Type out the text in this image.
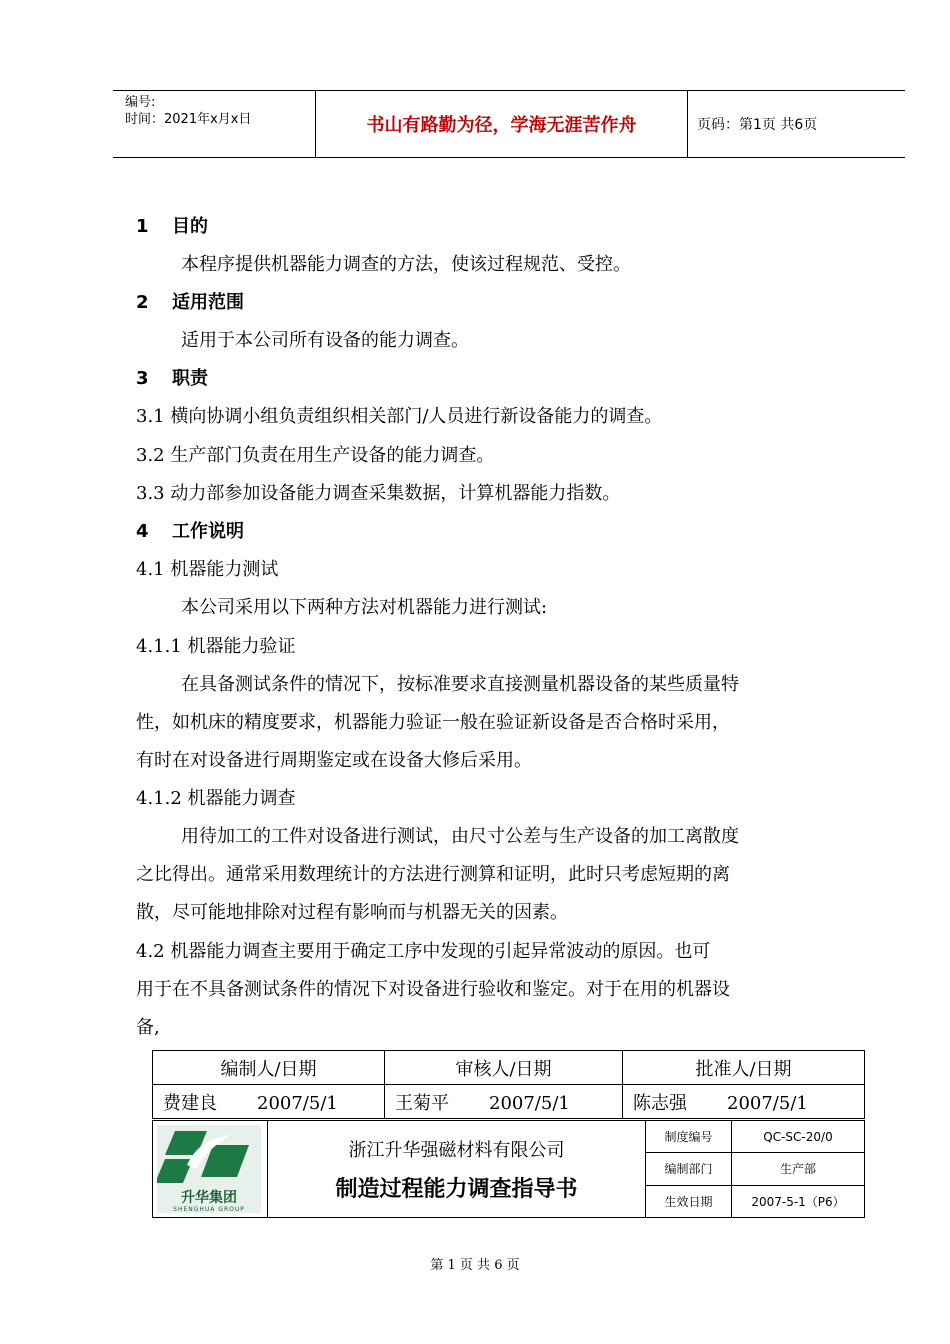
编号:
时间：2021年x月x日	书山有路勤为径，学海无涯苦作舟	页码：第1页 共6页
1 目的
本程序提供机器能力调查的方法，使该过程规范、受控。
2 适用范围
适用于本公司所有设备的能力调查。
3 职责
3.1 横向协调小组负责组织相关部门/人员进行新设备能力的调查。
3.2 生产部门负责在用生产设备的能力调查。
3.3 动力部参加设备能力调查采集数据，计算机器能力指数。
4 工作说明
4.1 机器能力测试
本公司采用以下两种方法对机器能力进行测试:
4.1.1 机器能力验证
在具备测试条件的情况下，按标准要求直接测量机器设备的某些质量特
性，如机床的精度要求，机器能力验证一般在验证新设备是否合格时采用，
有时在对设备进行周期鉴定或在设备大修后采用。
4.1.2 机器能力调查
用待加工的工件对设备进行测试，由尺寸公差与生产设备的加工离散度
之比得出。通常采用数理统计的方法进行测算和证明，此时只考虑短期的离
散，尽可能地排除对过程有影响而与机器无关的因素。
4.2 机器能力调查主要用于确定工序中发现的引起异常波动的原因。也可
用于在不具备测试条件的情况下对设备进行验收和鉴定。对于在用的机器设
备,
编制人/日期	审核人/日期	批准人/日期
费建良 2007/5/1	王菊平 2007/5/1	陈志强 2007/5/1
升华集团
SHENGHUA GROUP
浙江升华强磁材料有限公司
制造过程能力调查指导书
制度编号	QC-SC-20/0
编制部门	生产部
生效日期	2007-5-1（P6）
第 1 页 共 6 页
